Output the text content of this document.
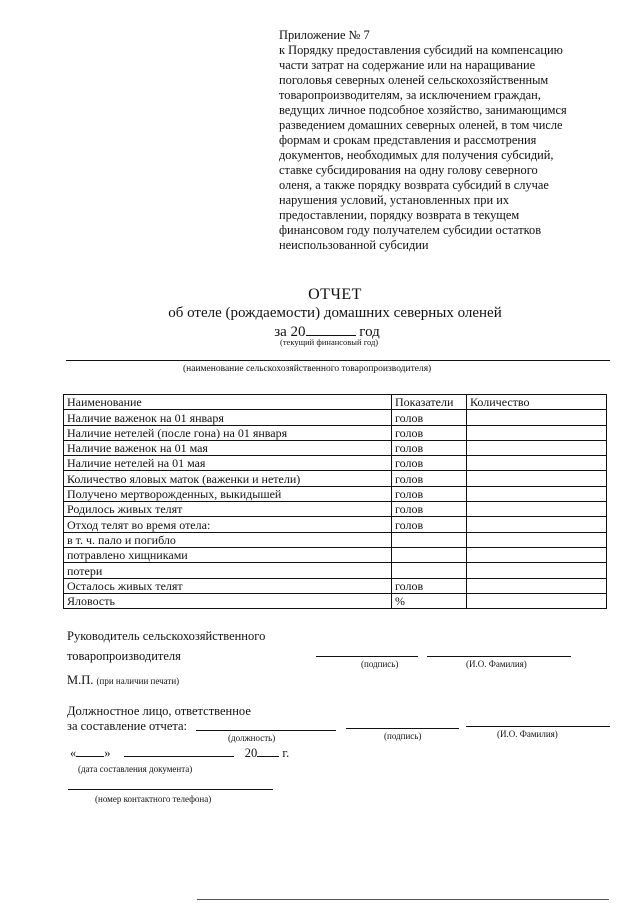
Приложение № 7
к Порядку предоставления субсидий на компенсацию
части затрат на содержание или на наращивание
поголовья северных оленей сельскохозяйственным
товаропроизводителям, за исключением граждан,
ведущих личное подсобное хозяйство, занимающимся
разведением домашних северных оленей, в том числе
формам и срокам представления и рассмотрения
документов, необходимых для получения субсидий,
ставке субсидирования на одну голову северного
оленя, а также порядку возврата субсидий в случае
нарушения условий, установленных при их
предоставлении, порядку возврата в текущем
финансовом году получателем субсидии остатков
неиспользованной субсидии
ОТЧЕТ
об отеле (рождаемости) домашних северных оленей
за 20	год
(текущий финансовый год)
(наименование сельскохозяйственного товаропроизводителя)
Наименование	Показатели	Количество
Наличие важенок на 01 января	голов	
Наличие нетелей (после гона) на 01 января	голов	
Наличие важенок на 01 мая	голов	
Наличие нетелей на 01 мая	голов	
Количество яловых маток (важенки и нетели)	голов	
Получено мертворожденных, выкидышей	голов	
Родилось живых телят	голов	
Отход телят во время отела:	голов	
в т. ч. пало и погибло		
потравлено хищниками		
потери		
Осталось живых телят	голов	
Яловость	%	
Руководитель сельскохозяйственного
товаропроизводителя
(подпись)	(И.О. Фамилия)
М.П. (при наличии печати)
Должностное лицо, ответственное
за составление отчета:
(должность)	(подпись)	(И.О. Фамилия)
« »	20 г.
(дата составления документа)
(номер контактного телефона)
